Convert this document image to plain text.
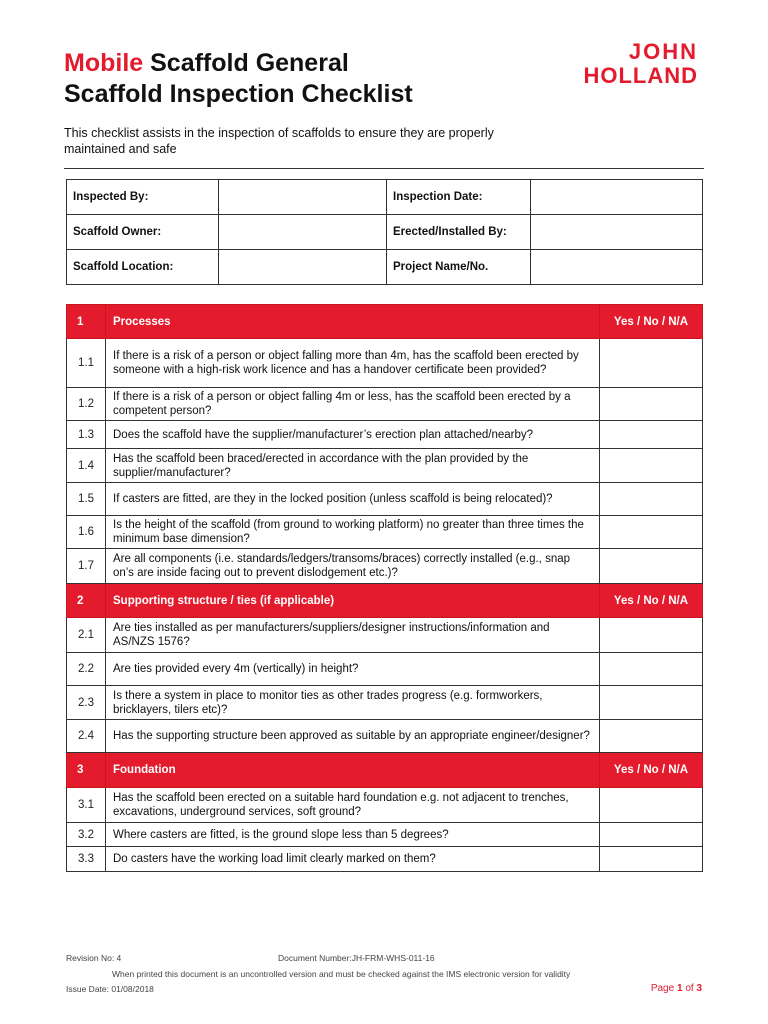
Mobile Scaffold General
Scaffold Inspection Checklist
JOHN
HOLLAND
This checklist assists in the inspection of scaffolds to ensure they are properly maintained and safe
Inspected By:		Inspection Date:	
Scaffold Owner:		Erected/Installed By:	
Scaffold Location:		Project Name/No.	
1	Processes	Yes / No / N/A
1.1	If there is a risk of a person or object falling more than 4m, has the scaffold been erected by someone with a high-risk work licence and has a handover certificate been provided?	
1.2	If there is a risk of a person or object falling 4m or less, has the scaffold been erected by a competent person?	
1.3	Does the scaffold have the supplier/manufacturer’s erection plan attached/nearby?	
1.4	Has the scaffold been braced/erected in accordance with the plan provided by the supplier/manufacturer?	
1.5	If casters are fitted, are they in the locked position (unless scaffold is being relocated)?	
1.6	Is the height of the scaffold (from ground to working platform) no greater than three times the minimum base dimension?	
1.7	Are all components (i.e. standards/ledgers/transoms/braces) correctly installed (e.g., snap on’s are inside facing out to prevent dislodgement etc.)?	
2	Supporting structure / ties (if applicable)	Yes / No / N/A
2.1	Are ties installed as per manufacturers/suppliers/designer instructions/information and AS/NZS 1576?	
2.2	Are ties provided every 4m (vertically) in height?	
2.3	Is there a system in place to monitor ties as other trades progress (e.g. formworkers, bricklayers, tilers etc)?	
2.4	Has the supporting structure been approved as suitable by an appropriate engineer/designer?	
3	Foundation	Yes / No / N/A
3.1	Has the scaffold been erected on a suitable hard foundation e.g. not adjacent to trenches, excavations, underground services, soft ground?	
3.2	Where casters are fitted, is the ground slope less than 5 degrees?	
3.3	Do casters have the working load limit clearly marked on them?	
Revision No: 4	Document Number:JH-FRM-WHS-011-16
When printed this document is an uncontrolled version and must be checked against the IMS electronic version for validity
Issue Date: 01/08/2018	Page 1 of 3
